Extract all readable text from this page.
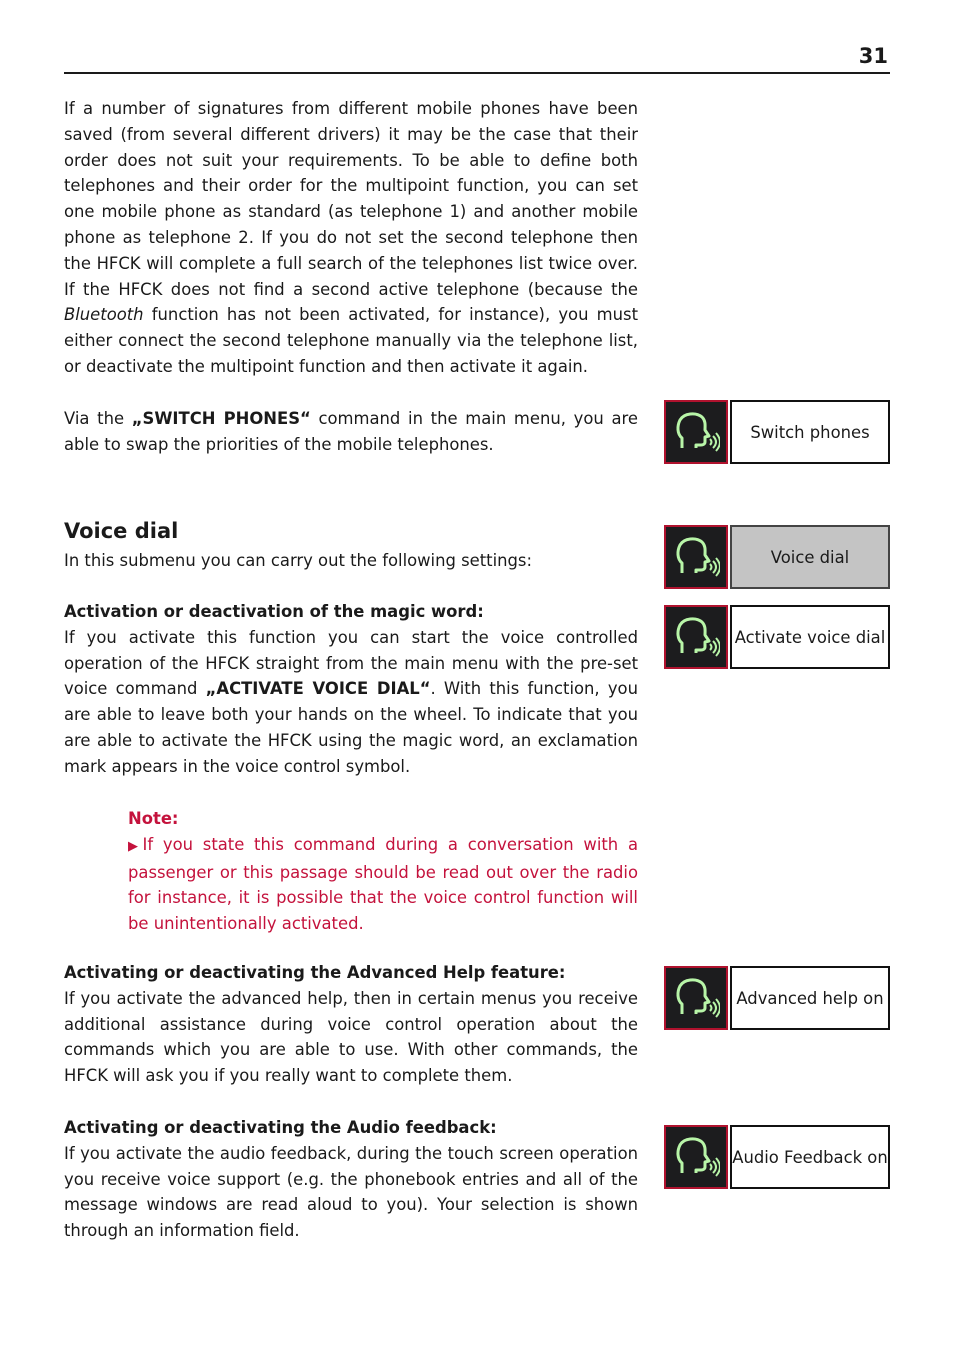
31

If a number of signatures from different mobile phones have been saved (from several different drivers) it may be the case that their order does not suit your requirements. To be able to define both telephones and their order for the multipoint function, you can set one mobile phone as standard (as telephone 1) and another mobile phone as telephone 2. If you do not set the second telephone then the HFCK will complete a full search of the telephones list twice over. If the HFCK does not find a second active telephone (because the Bluetooth function has not been activated, for instance), you must either connect the second telephone manually via the telephone list, or deactivate the multipoint function and then activate it again.

Via the „SWITCH PHONES“ command in the main menu, you are able to swap the priorities of the mobile telephones.

Voice dial

In this submenu you can carry out the following settings:

Activation or deactivation of the magic word:

If you activate this function you can start the voice controlled operation of the HFCK straight from the main menu with the pre-set voice command „ACTIVATE VOICE DIAL“. With this function, you are able to leave both your hands on the wheel. To indicate that you are able to activate the HFCK using the magic word, an exclamation mark appears in the voice control symbol.

Note:

▶If you state this command during a conversation with a passenger or this passage should be read out over the radio for instance, it is possible that the voice control function will be unintentionally activated.

Activating or deactivating the Advanced Help feature:

If you activate the advanced help, then in certain menus you receive additional assistance during voice control operation about the commands which you are able to use. With other commands, the HFCK will ask you if you really want to complete them.

Activating or deactivating the Audio feedback:

If you activate the audio feedback, during the touch screen operation you receive voice support (e.g. the phonebook entries and all of the message windows are read aloud to you). Your selection is shown through an information field.

Switch phones
Voice dial
Activate voice dial
Advanced help on
Audio Feedback on
